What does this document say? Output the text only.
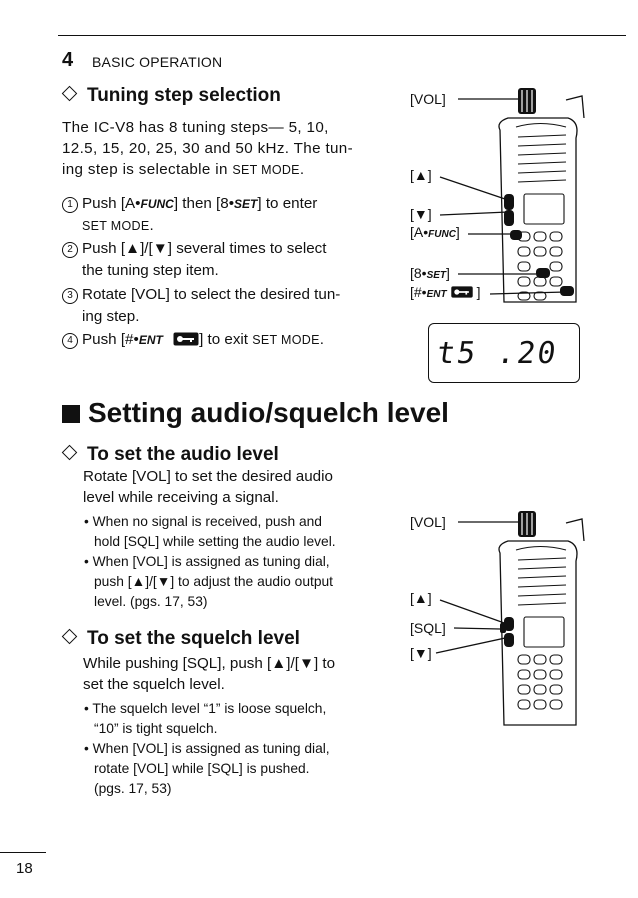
4 BASIC OPERATION
Tuning step selection
The IC-V8 has 8 tuning steps— 5, 10,
12.5, 15, 20, 25, 30 and 50 kHz. The tun-
ing step is selectable in SET MODE.
1 Push [A•FUNC] then [8•SET] to enter
SET MODE.
2 Push [▲]/[▼] several times to select
the tuning step item.
3 Rotate [VOL] to select the desired tun-
ing step.
4 Push [#•ENT ] to exit SET MODE.
[VOL]
[▲]
[▼]
[A•FUNC]
[8•SET]
[#•ENT ]
t5 .20
Setting audio/squelch level
To set the audio level
Rotate [VOL] to set the desired audio
level while receiving a signal.
• When no signal is received, push and
hold [SQL] while setting the audio level.
• When [VOL] is assigned as tuning dial,
push [▲]/[▼] to adjust the audio output
level. (pgs. 17, 53)
To set the squelch level
While pushing [SQL], push [▲]/[▼] to
set the squelch level.
• The squelch level “1” is loose squelch,
“10” is tight squelch.
• When [VOL] is assigned as tuning dial,
rotate [VOL] while [SQL] is pushed.
(pgs. 17, 53)
[VOL]
[▲]
[SQL]
[▼]
18
